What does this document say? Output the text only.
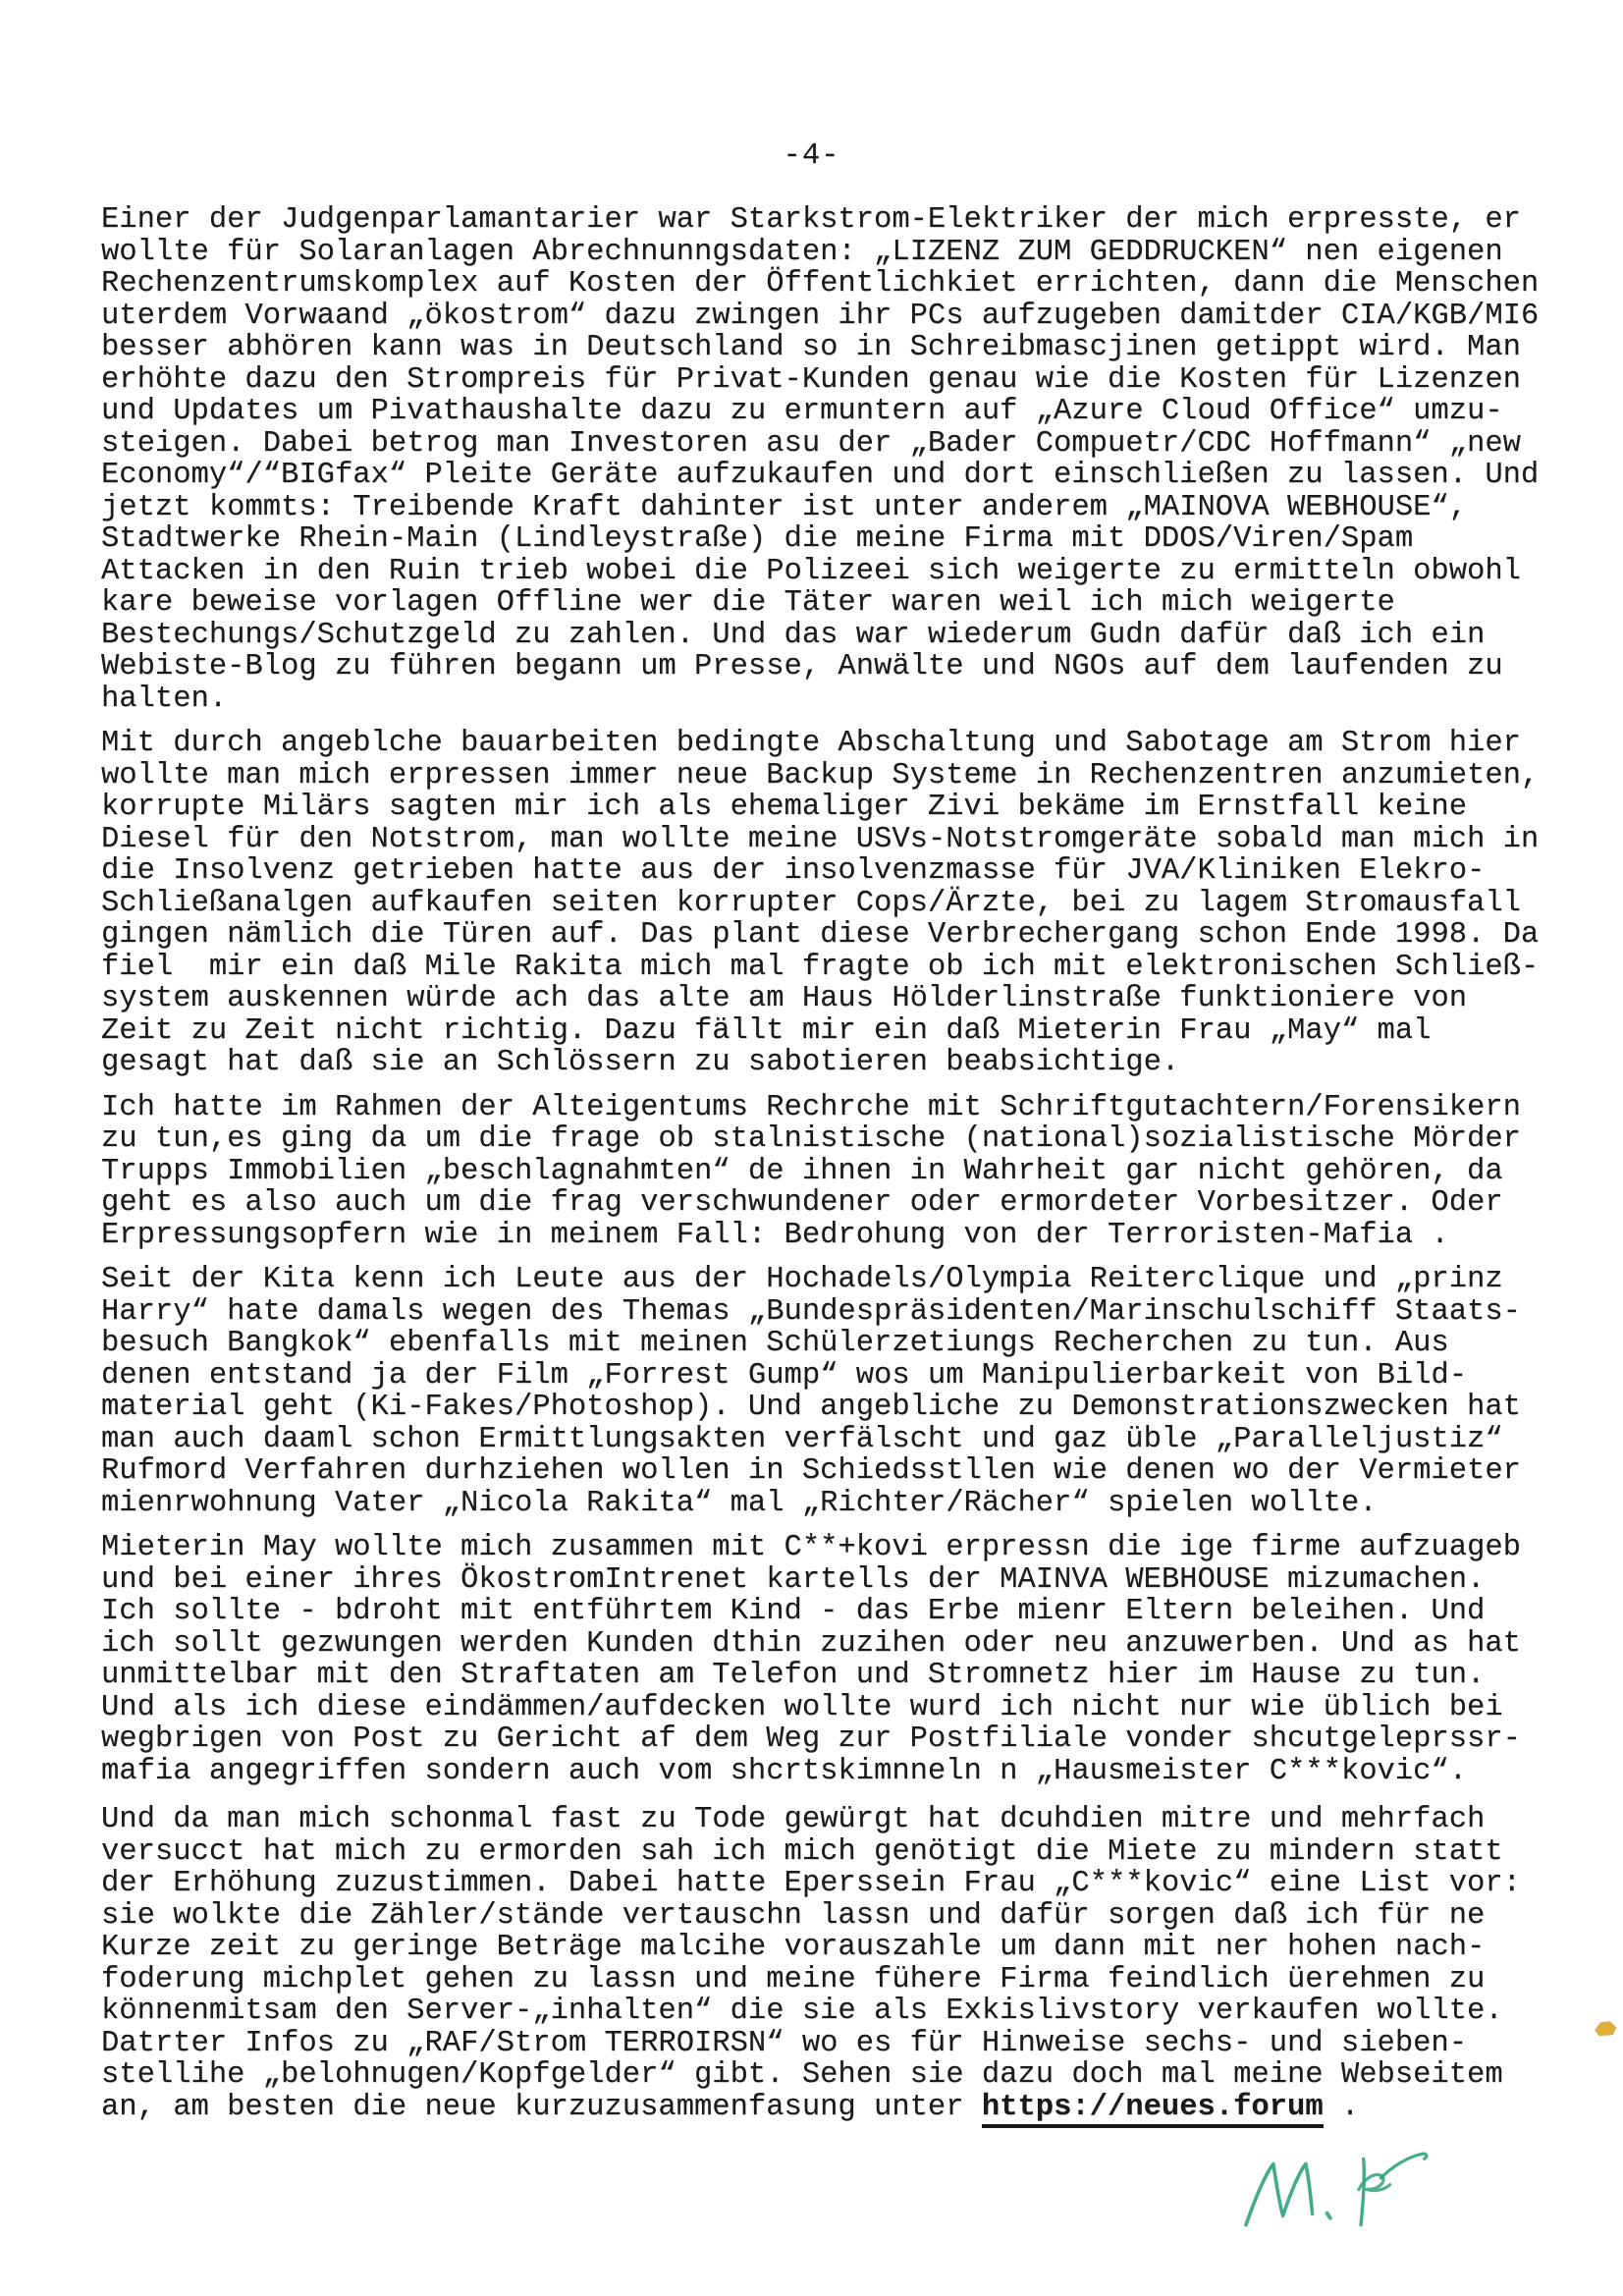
-4-
Einer der Judgenparlamantarier war Starkstrom-Elektriker der mich erpresste, er
wollte für Solaranlagen Abrechnunngsdaten: „LIZENZ ZUM GEDDRUCKEN“ nen eigenen
Rechenzentrumskomplex auf Kosten der Öffentlichkiet errichten, dann die Menschen
uterdem Vorwaand „ökostrom“ dazu zwingen ihr PCs aufzugeben damitder CIA/KGB/MI6
besser abhören kann was in Deutschland so in Schreibmascjinen getippt wird. Man
erhöhte dazu den Strompreis für Privat-Kunden genau wie die Kosten für Lizenzen
und Updates um Pivathaushalte dazu zu ermuntern auf „Azure Cloud Office“ umzu-
steigen. Dabei betrog man Investoren asu der „Bader Compuetr/CDC Hoffmann“ „new
Economy“/“BIGfax“ Pleite Geräte aufzukaufen und dort einschließen zu lassen. Und
jetzt kommts: Treibende Kraft dahinter ist unter anderem „MAINOVA WEBHOUSE“,
Stadtwerke Rhein-Main (Lindleystraße) die meine Firma mit DDOS/Viren/Spam
Attacken in den Ruin trieb wobei die Polizeei sich weigerte zu ermitteln obwohl
kare beweise vorlagen Offline wer die Täter waren weil ich mich weigerte
Bestechungs/Schutzgeld zu zahlen. Und das war wiederum Gudn dafür daß ich ein
Webiste-Blog zu führen begann um Presse, Anwälte und NGOs auf dem laufenden zu
halten.
Mit durch angeblche bauarbeiten bedingte Abschaltung und Sabotage am Strom hier
wollte man mich erpressen immer neue Backup Systeme in Rechenzentren anzumieten,
korrupte Milärs sagten mir ich als ehemaliger Zivi bekäme im Ernstfall keine
Diesel für den Notstrom, man wollte meine USVs-Notstromgeräte sobald man mich in
die Insolvenz getrieben hatte aus der insolvenzmasse für JVA/Kliniken Elekro-
Schließanalgen aufkaufen seiten korrupter Cops/Ärzte, bei zu lagem Stromausfall
gingen nämlich die Türen auf. Das plant diese Verbrechergang schon Ende 1998. Da
fiel  mir ein daß Mile Rakita mich mal fragte ob ich mit elektronischen Schließ-
system auskennen würde ach das alte am Haus Hölderlinstraße funktioniere von
Zeit zu Zeit nicht richtig. Dazu fällt mir ein daß Mieterin Frau „May“ mal
gesagt hat daß sie an Schlössern zu sabotieren beabsichtige.
Ich hatte im Rahmen der Alteigentums Rechrche mit Schriftgutachtern/Forensikern
zu tun,es ging da um die frage ob stalnistische (national)sozialistische Mörder
Trupps Immobilien „beschlagnahmten“ de ihnen in Wahrheit gar nicht gehören, da
geht es also auch um die frag verschwundener oder ermordeter Vorbesitzer. Oder
Erpressungsopfern wie in meinem Fall: Bedrohung von der Terroristen-Mafia .
Seit der Kita kenn ich Leute aus der Hochadels/Olympia Reiterclique und „prinz
Harry“ hate damals wegen des Themas „Bundespräsidenten/Marinschulschiff Staats-
besuch Bangkok“ ebenfalls mit meinen Schülerzetiungs Recherchen zu tun. Aus
denen entstand ja der Film „Forrest Gump“ wos um Manipulierbarkeit von Bild-
material geht (Ki-Fakes/Photoshop). Und angebliche zu Demonstrationszwecken hat
man auch daaml schon Ermittlungsakten verfälscht und gaz üble „Paralleljustiz“
Rufmord Verfahren durhziehen wollen in Schiedsstllen wie denen wo der Vermieter
mienrwohnung Vater „Nicola Rakita“ mal „Richter/Rächer“ spielen wollte.
Mieterin May wollte mich zusammen mit C**+kovi erpressn die ige firme aufzuageb
und bei einer ihres ÖkostromIntrenet kartells der MAINVA WEBHOUSE mizumachen.
Ich sollte - bdroht mit entführtem Kind - das Erbe mienr Eltern beleihen. Und
ich sollt gezwungen werden Kunden dthin zuzihen oder neu anzuwerben. Und as hat
unmittelbar mit den Straftaten am Telefon und Stromnetz hier im Hause zu tun.
Und als ich diese eindämmen/aufdecken wollte wurd ich nicht nur wie üblich bei
wegbrigen von Post zu Gericht af dem Weg zur Postfiliale vonder shcutgeleprssr-
mafia angegriffen sondern auch vom shcrtskimnneln n „Hausmeister C***kovic“.
Und da man mich schonmal fast zu Tode gewürgt hat dcuhdien mitre und mehrfach
versucct hat mich zu ermorden sah ich mich genötigt die Miete zu mindern statt
der Erhöhung zuzustimmen. Dabei hatte Eperssein Frau „C***kovic“ eine List vor:
sie wolkte die Zähler/stände vertauschn lassn und dafür sorgen daß ich für ne
Kurze zeit zu geringe Beträge malcihe vorauszahle um dann mit ner hohen nach-
foderung michplet gehen zu lassn und meine fühere Firma feindlich üerehmen zu
könnenmitsam den Server-„inhalten“ die sie als Exkislivstory verkaufen wollte.
Datrter Infos zu „RAF/Strom TERROIRSN“ wo es für Hinweise sechs- und sieben-
stellihe „belohnugen/Kopfgelder“ gibt. Sehen sie dazu doch mal meine Webseitem
an, am besten die neue kurzuzusammenfasung unter https://neues.forum .
